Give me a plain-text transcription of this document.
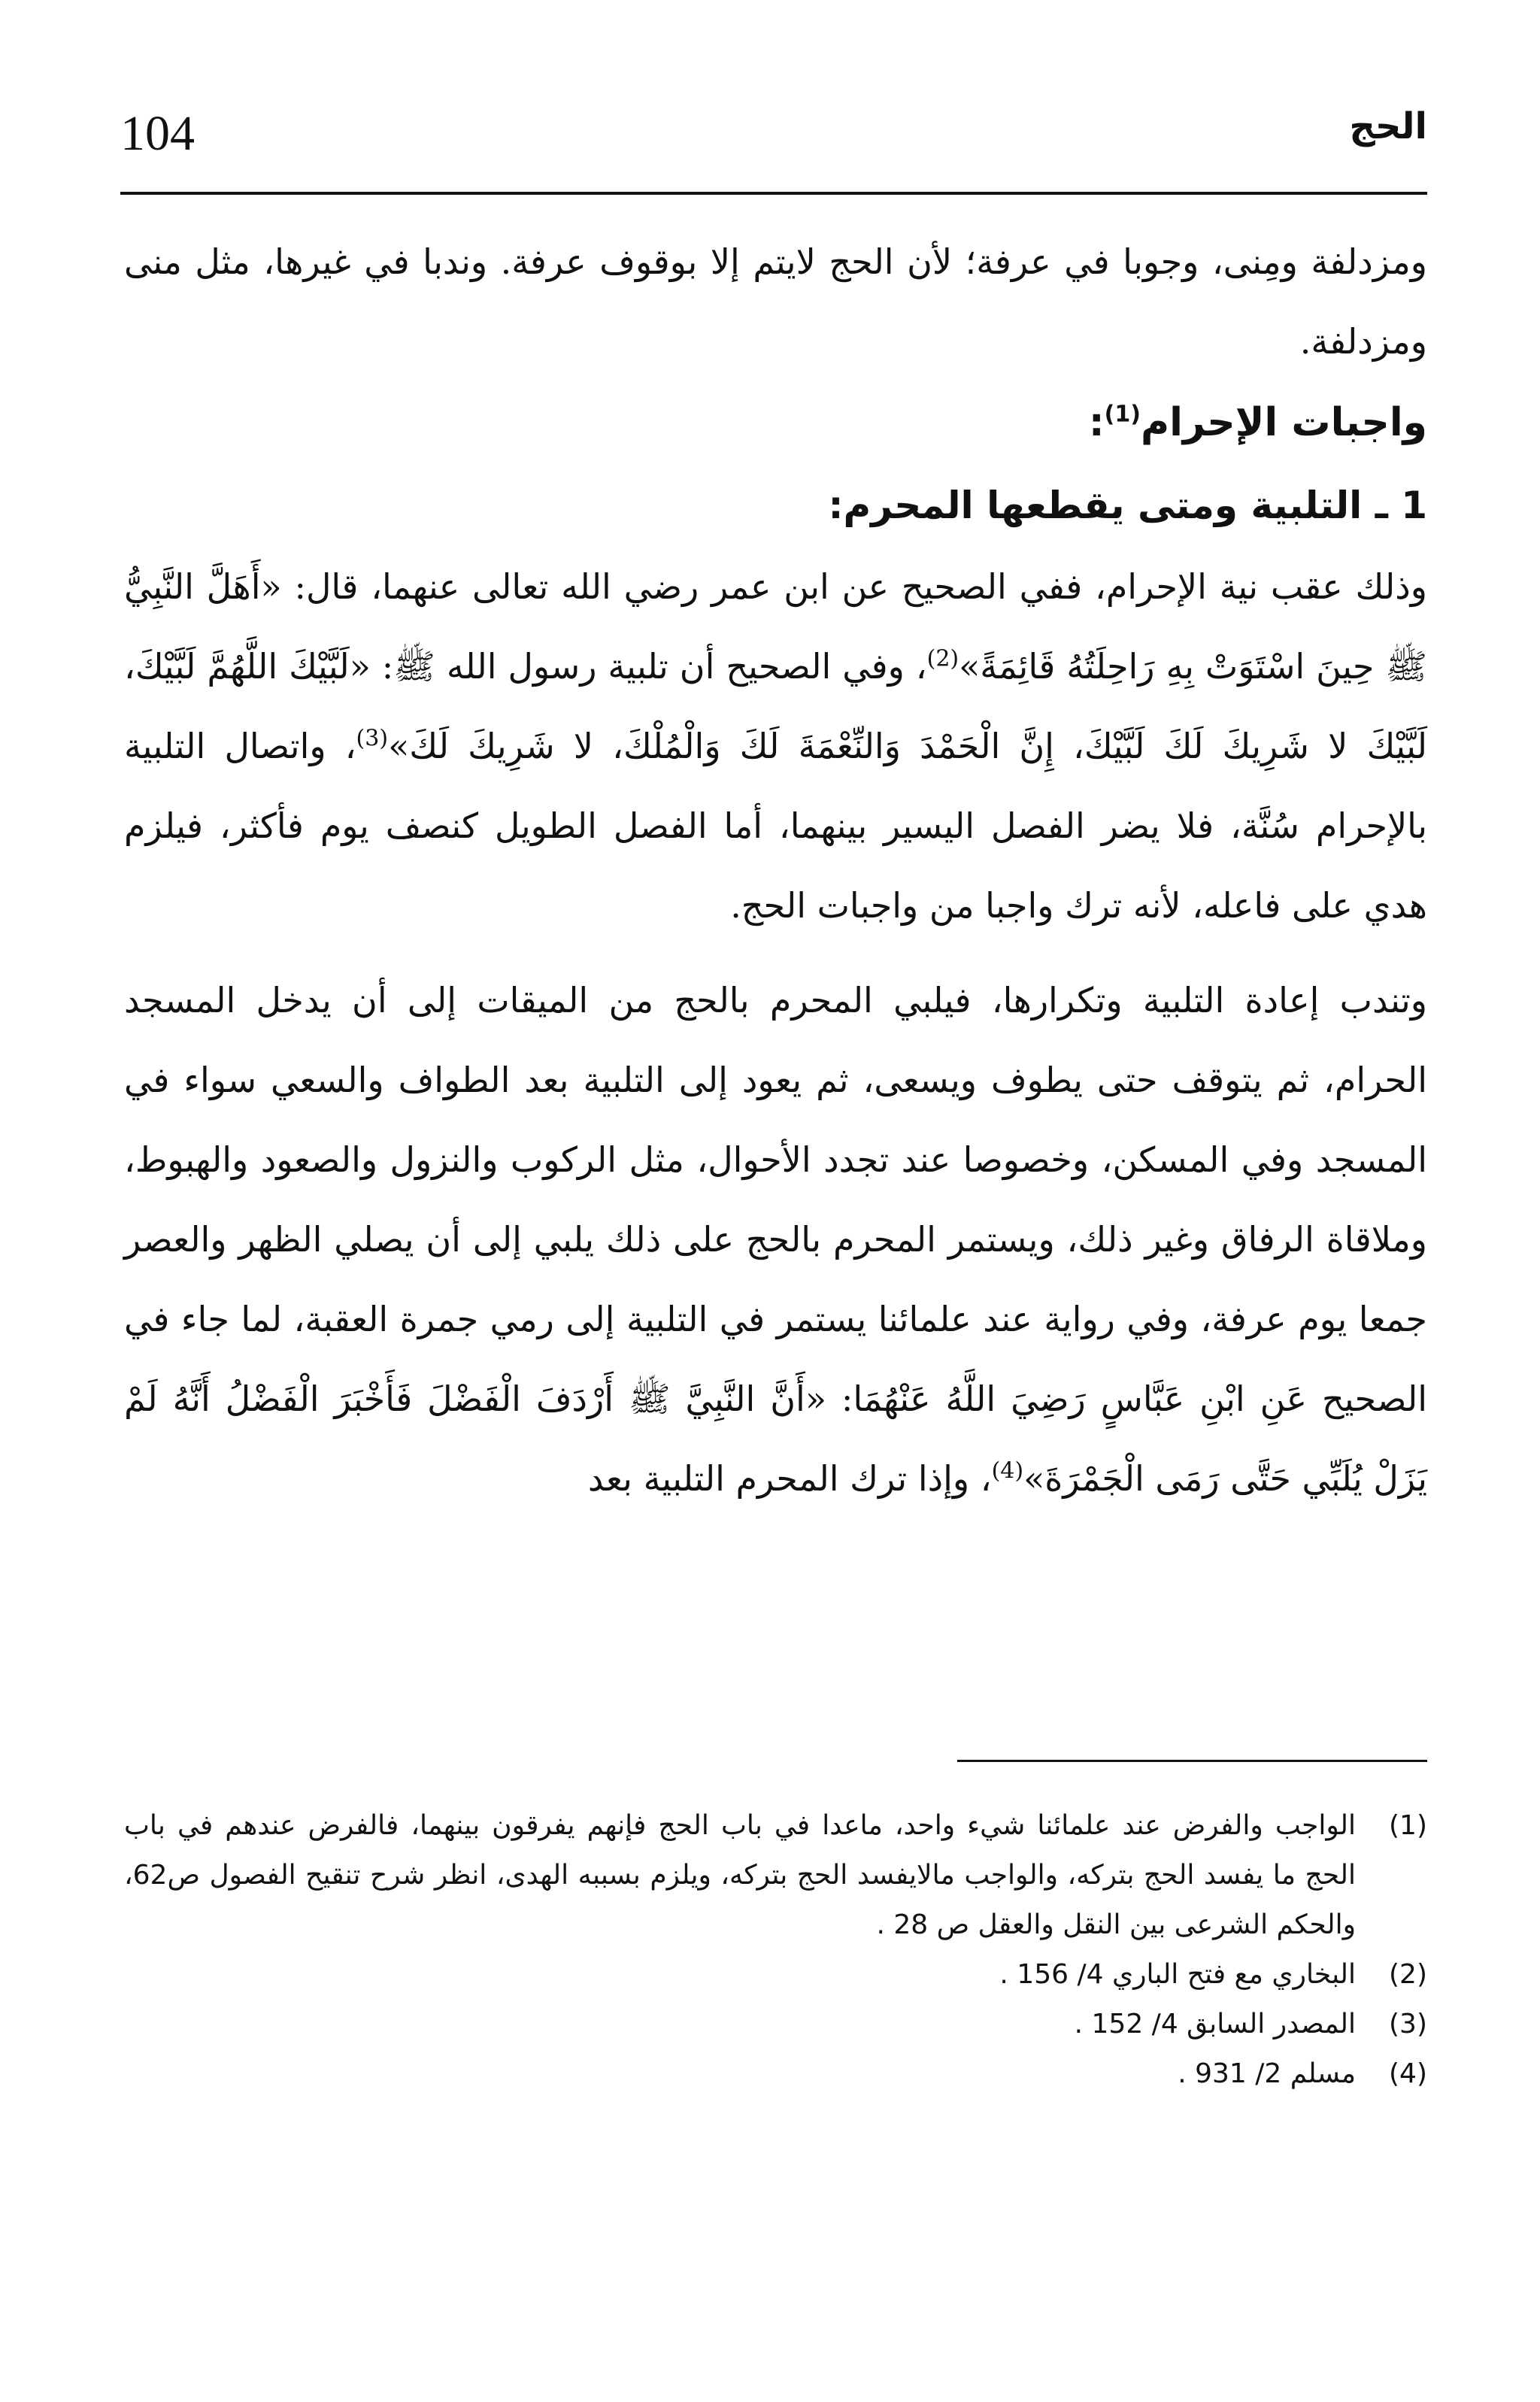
104	الحج

ومزدلفة ومِنى، وجوبا في عرفة؛ لأن الحج لايتم إلا بوقوف عرفة. وندبا في غيرها، مثل منى ومزدلفة.

واجبات الإحرام$^{(1)}$:

1 ـ التلبية ومتى يقطعها المحرم:

وذلك عقب نية الإحرام، ففي الصحيح عن ابن عمر رضي الله تعالى عنهما، قال: «أَهَلَّ النَّبِيُّ ﷺ حِينَ اسْتَوَتْ بِهِ رَاحِلَتُهُ قَائِمَةً»$^{(2)}$، وفي الصحيح أن تلبية رسول الله ﷺ: «لَبَّيْكَ اللَّهُمَّ لَبَّيْكَ، لَبَّيْكَ لا شَرِيكَ لَكَ لَبَّيْكَ، إِنَّ الْحَمْدَ وَالنِّعْمَةَ لَكَ وَالْمُلْكَ، لا شَرِيكَ لَكَ»$^{(3)}$، واتصال التلبية بالإحرام سُنَّة، فلا يضر الفصل اليسير بينهما، أما الفصل الطويل كنصف يوم فأكثر، فيلزم هدي على فاعله، لأنه ترك واجبا من واجبات الحج.

وتندب إعادة التلبية وتكرارها، فيلبي المحرم بالحج من الميقات إلى أن يدخل المسجد الحرام، ثم يتوقف حتى يطوف ويسعى، ثم يعود إلى التلبية بعد الطواف والسعي سواء في المسجد وفي المسكن، وخصوصا عند تجدد الأحوال، مثل الركوب والنزول والصعود والهبوط، وملاقاة الرفاق وغير ذلك، ويستمر المحرم بالحج على ذلك يلبي إلى أن يصلي الظهر والعصر جمعا يوم عرفة، وفي رواية عند علمائنا يستمر في التلبية إلى رمي جمرة العقبة، لما جاء في الصحيح عَنِ ابْنِ عَبَّاسٍ رَضِيَ اللَّهُ عَنْهُمَا: «أَنَّ النَّبِيَّ ﷺ أَرْدَفَ الْفَضْلَ فَأَخْبَرَ الْفَضْلُ أَنَّهُ لَمْ يَزَلْ يُلَبِّي حَتَّى رَمَى الْجَمْرَةَ»$^{(4)}$، وإذا ترك المحرم التلبية بعد

(1)
الواجب والفرض عند علمائنا شيء واحد، ماعدا في باب الحج فإنهم يفرقون بينهما، فالفرض عندهم في باب الحج ما يفسد الحج بتركه، والواجب مالايفسد الحج بتركه، ويلزم بسببه الهدى، انظر شرح تنقيح الفصول ص62، والحكم الشرعى بين النقل والعقل ص 28 .
(2)
البخاري مع فتح الباري 4/ 156 .
(3)
المصدر السابق 4/ 152 .
(4)
مسلم 2/ 931 .
